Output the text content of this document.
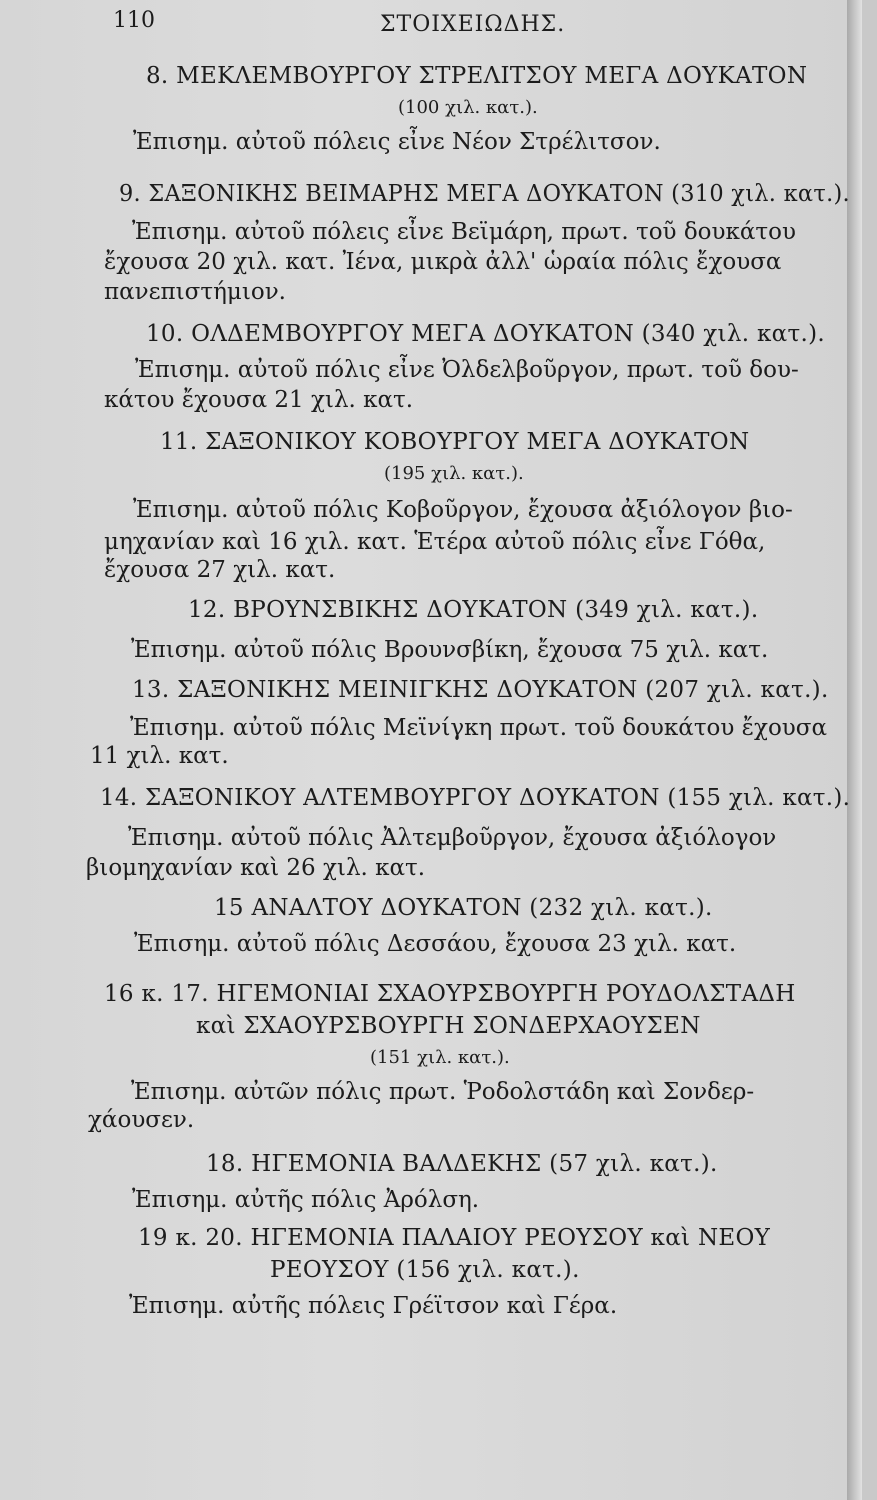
110	ΣΤΟΙΧΕΙΩΔΗΣ.
8. ΜΕΚΛΕΜΒΟΥΡΓΟΥ ΣΤΡΕΛΙΤΣΟΥ ΜΕΓΑ ΔΟΥΚΑΤΟΝ
(100 χιλ. κατ.).
Ἐπισημ. αὐτοῦ πόλεις εἶνε Νέον Στρέλιτσον.
9. ΣΑΞΟΝΙΚΗΣ ΒΕΙΜΑΡΗΣ ΜΕΓΑ ΔΟΥΚΑΤΟΝ (310 χιλ. κατ.).
Ἐπισημ. αὐτοῦ πόλεις εἶνε Βεϊμάρη, πρωτ. τοῦ δουκάτου
ἔχουσα 20 χιλ. κατ. Ἰένα, μικρὰ ἀλλ' ὡραία πόλις ἔχουσα
πανεπιστήμιον.
10. ΟΛΔΕΜΒΟΥΡΓΟΥ ΜΕΓΑ ΔΟΥΚΑΤΟΝ (340 χιλ. κατ.).
Ἐπισημ. αὐτοῦ πόλις εἶνε Ὀλδελβοῦργον, πρωτ. τοῦ δου-
κάτου ἔχουσα 21 χιλ. κατ.
11. ΣΑΞΟΝΙΚΟΥ ΚΟΒΟΥΡΓΟΥ ΜΕΓΑ ΔΟΥΚΑΤΟΝ
(195 χιλ. κατ.).
Ἐπισημ. αὐτοῦ πόλις Κοβοῦργον, ἔχουσα ἀξιόλογον βιο-
μηχανίαν καὶ 16 χιλ. κατ. Ἑτέρα αὐτοῦ πόλις εἶνε Γόθα,
ἔχουσα 27 χιλ. κατ.
12. ΒΡΟΥΝΣΒΙΚΗΣ ΔΟΥΚΑΤΟΝ (349 χιλ. κατ.).
Ἐπισημ. αὐτοῦ πόλις Βρουνσβίκη, ἔχουσα 75 χιλ. κατ.
13. ΣΑΞΟΝΙΚΗΣ ΜΕΙΝΙΓΚΗΣ ΔΟΥΚΑΤΟΝ (207 χιλ. κατ.).
Ἐπισημ. αὐτοῦ πόλις Μεϊνίγκη πρωτ. τοῦ δουκάτου ἔχουσα
11 χιλ. κατ.
14. ΣΑΞΟΝΙΚΟΥ ΑΛΤΕΜΒΟΥΡΓΟΥ ΔΟΥΚΑΤΟΝ (155 χιλ. κατ.).
Ἐπισημ. αὐτοῦ πόλις Ἀλτεμβοῦργον, ἔχουσα ἀξιόλογον
βιομηχανίαν καὶ 26 χιλ. κατ.
15 ΑΝΑΛΤΟΥ ΔΟΥΚΑΤΟΝ (232 χιλ. κατ.).
Ἐπισημ. αὐτοῦ πόλις Δεσσάου, ἔχουσα 23 χιλ. κατ.
16 κ. 17. ΗΓΕΜΟΝΙΑΙ ΣΧΑΟΥΡΣΒΟΥΡΓΗ ΡΟΥΔΟΛΣΤΑΔΗ
καὶ ΣΧΑΟΥΡΣΒΟΥΡΓΗ ΣΟΝΔΕΡΧΑΟΥΣΕΝ
(151 χιλ. κατ.).
Ἐπισημ. αὐτῶν πόλις πρωτ. Ῥοδολστάδη καὶ Σονδερ-
χάουσεν.
18. ΗΓΕΜΟΝΙΑ ΒΑΛΔΕΚΗΣ (57 χιλ. κατ.).
Ἐπισημ. αὐτῆς πόλις Ἀρόλση.
19 κ. 20. ΗΓΕΜΟΝΙΑ ΠΑΛΑΙΟΥ ΡΕΟΥΣΟΥ καὶ ΝΕΟΥ
ΡΕΟΥΣΟΥ (156 χιλ. κατ.).
Ἐπισημ. αὐτῆς πόλεις Γρέϊτσον καὶ Γέρα.
